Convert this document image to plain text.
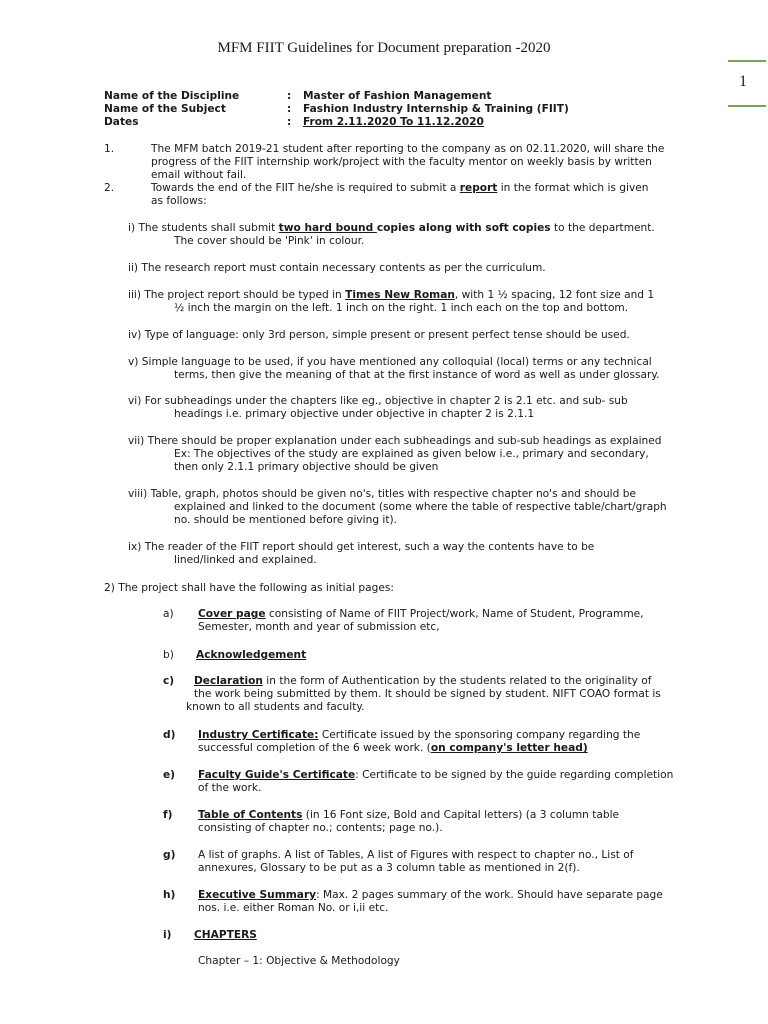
MFM FIIT Guidelines for Document preparation -2020
1
Name of the Discipline	: Master of Fashion Management
Name of the Subject	: Fashion Industry Internship & Training (FIIT)
Dates	: From 2.11.2020 To 11.12.2020
1.	The MFM batch 2019-21 student after reporting to the company as on 02.11.2020, will share the
progress of the FIIT internship work/project with the faculty mentor on weekly basis by written
email without fail.
2.	Towards the end of the FIIT he/she is required to submit a report in the format which is given
as follows:
i) The students shall submit two hard bound copies along with soft copies to the department.
The cover should be 'Pink' in colour.
ii) The research report must contain necessary contents as per the curriculum.
iii) The project report should be typed in Times New Roman, with 1 ½ spacing, 12 font size and 1
½ inch the margin on the left. 1 inch on the right. 1 inch each on the top and bottom.
iv) Type of language: only 3rd person, simple present or present perfect tense should be used.
v) Simple language to be used, if you have mentioned any colloquial (local) terms or any technical
terms, then give the meaning of that at the first instance of word as well as under glossary.
vi) For subheadings under the chapters like eg., objective in chapter 2 is 2.1 etc. and sub- sub
headings i.e. primary objective under objective in chapter 2 is 2.1.1
vii) There should be proper explanation under each subheadings and sub-sub headings as explained
Ex: The objectives of the study are explained as given below i.e., primary and secondary,
then only 2.1.1 primary objective should be given
viii) Table, graph, photos should be given no's, titles with respective chapter no's and should be
explained and linked to the document (some where the table of respective table/chart/graph
no. should be mentioned before giving it).
ix) The reader of the FIIT report should get interest, such a way the contents have to be
lined/linked and explained.
2) The project shall have the following as initial pages:
a) Cover page consisting of Name of FIIT Project/work, Name of Student, Programme,
Semester, month and year of submission etc,
b) Acknowledgement
c) Declaration in the form of Authentication by the students related to the originality of
the work being submitted by them. It should be signed by student. NIFT COAO format is
known to all students and faculty.
d) Industry Certificate: Certificate issued by the sponsoring company regarding the
successful completion of the 6 week work. (on company's letter head)
e) Faculty Guide's Certificate: Certificate to be signed by the guide regarding completion
of the work.
f) Table of Contents (in 16 Font size, Bold and Capital letters) (a 3 column table
consisting of chapter no.; contents; page no.).
g) A list of graphs. A list of Tables, A list of Figures with respect to chapter no., List of
annexures, Glossary to be put as a 3 column table as mentioned in 2(f).
h) Executive Summary: Max. 2 pages summary of the work. Should have separate page
nos. i.e. either Roman No. or i,ii etc.
i) CHAPTERS
Chapter – 1: Objective & Methodology
